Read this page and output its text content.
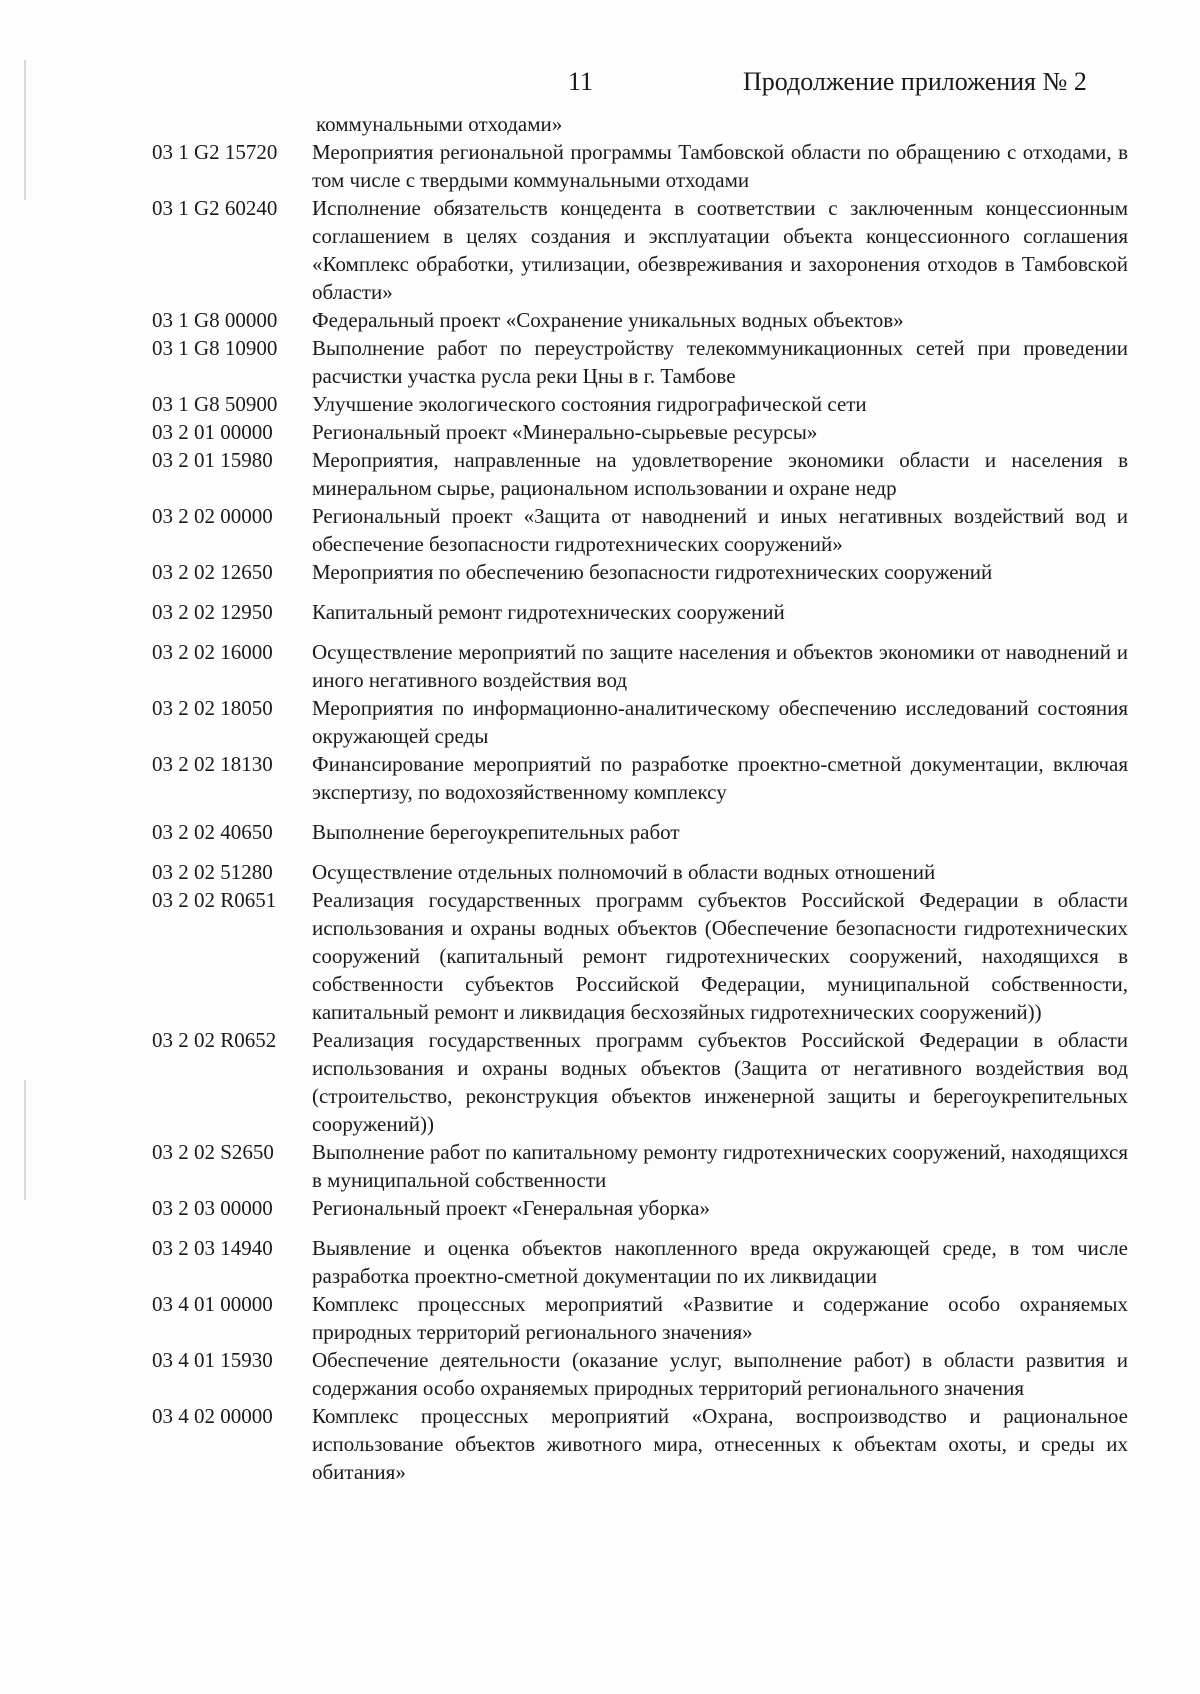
11	Продолжение приложения № 2
коммунальными отходами»
03 1 G2 15720	Мероприятия региональной программы Тамбовской области по обращению с отходами, в том числе с твердыми коммунальными отходами
03 1 G2 60240	Исполнение обязательств концедента в соответствии с заключенным концессионным соглашением в целях создания и эксплуатации объекта концессионного соглашения «Комплекс обработки, утилизации, обезвреживания и захоронения отходов в Тамбовской области»
03 1 G8 00000	Федеральный проект «Сохранение уникальных водных объектов»
03 1 G8 10900	Выполнение работ по переустройству телекоммуникационных сетей при проведении расчистки участка русла реки Цны в г. Тамбове
03 1 G8 50900	Улучшение экологического состояния гидрографической сети
03 2 01 00000	Региональный проект «Минерально-сырьевые ресурсы»
03 2 01 15980	Мероприятия, направленные на удовлетворение экономики области и населения в минеральном сырье, рациональном использовании и охране недр
03 2 02 00000	Региональный проект «Защита от наводнений и иных негативных воздействий вод и обеспечение безопасности гидротехнических сооружений»
03 2 02 12650	Мероприятия по обеспечению безопасности гидротехнических сооружений
03 2 02 12950	Капитальный ремонт гидротехнических сооружений
03 2 02 16000	Осуществление мероприятий по защите населения и объектов экономики от наводнений и иного негативного воздействия вод
03 2 02 18050	Мероприятия по информационно-аналитическому обеспечению исследований состояния окружающей среды
03 2 02 18130	Финансирование мероприятий по разработке проектно-сметной документации, включая экспертизу, по водохозяйственному комплексу
03 2 02 40650	Выполнение берегоукрепительных работ
03 2 02 51280	Осуществление отдельных полномочий в области водных отношений
03 2 02 R0651	Реализация государственных программ субъектов Российской Федерации в области использования и охраны водных объектов (Обеспечение безопасности гидротехнических сооружений (капитальный ремонт гидротехнических сооружений, находящихся в собственности субъектов Российской Федерации, муниципальной собственности, капитальный ремонт и ликвидация бесхозяйных гидротехнических сооружений))
03 2 02 R0652	Реализация государственных программ субъектов Российской Федерации в области использования и охраны водных объектов (Защита от негативного воздействия вод (строительство, реконструкция объектов инженерной защиты и берегоукрепительных сооружений))
03 2 02 S2650	Выполнение работ по капитальному ремонту гидротехнических сооружений, находящихся в муниципальной собственности
03 2 03 00000	Региональный проект «Генеральная уборка»
03 2 03 14940	Выявление и оценка объектов накопленного вреда окружающей среде, в том числе разработка проектно-сметной документации по их ликвидации
03 4 01 00000	Комплекс процессных мероприятий «Развитие и содержание особо охраняемых природных территорий регионального значения»
03 4 01 15930	Обеспечение деятельности (оказание услуг, выполнение работ) в области развития и содержания особо охраняемых природных территорий регионального значения
03 4 02 00000	Комплекс процессных мероприятий «Охрана, воспроизводство и рациональное использование объектов животного мира, отнесенных к объектам охоты, и среды их обитания»
